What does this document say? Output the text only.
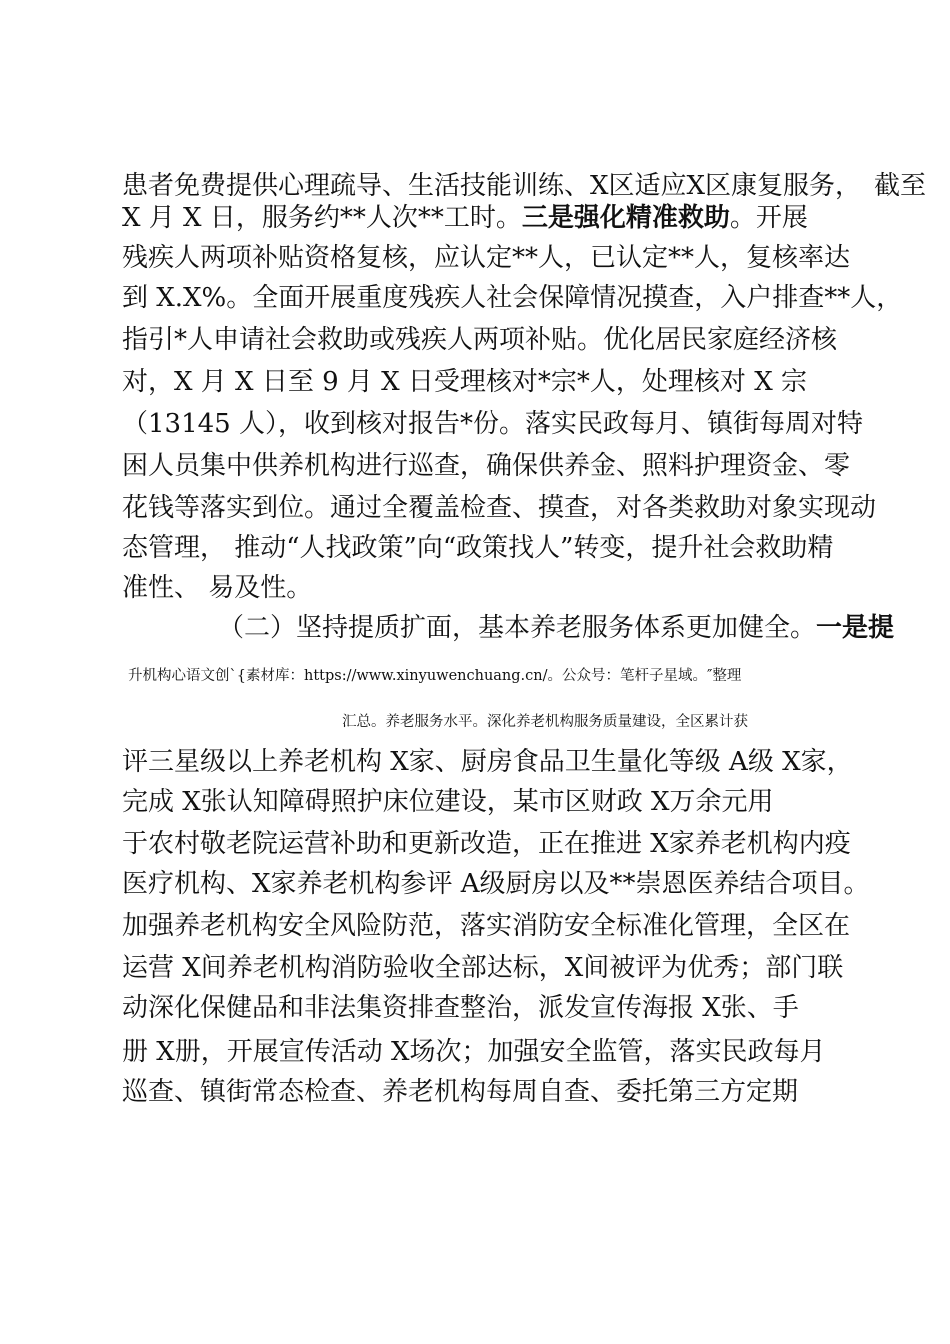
患者免费提供心理疏导、生活技能训练、X区适应X区康复服务，　截至
X 月 X 日，服务约**人次**工时。三是强化精准救助。开展
残疾人两项补贴资格复核，应认定**人，已认定**人，复核率达
到 X.X%。全面开展重度残疾人社会保障情况摸查，入户排查**人，
指引*人申请社会救助或残疾人两项补贴。优化居民家庭经济核
对，X 月 X 日至 9 月 X 日受理核对*宗*人，处理核对 X 宗
（13145 人），收到核对报告*份。落实民政每月、镇街每周对特
困人员集中供养机构进行巡查，确保供养金、照料护理资金、零
花钱等落实到位。通过全覆盖检查、摸查，对各类救助对象实现动
态管理， 推动“人找政策”向“政策找人”转变，提升社会救助精
准性、 易及性。
（二）坚持提质扩面，基本养老服务体系更加健全。一是提
升机构心语文创`{素材库：https://www.xinyuwenchuang.cn/。公众号：笔杆子星域。″整理
汇总。养老服务水平。深化养老机构服务质量建设，全区累计获
评三星级以上养老机构 X家、厨房食品卫生量化等级 A级 X家，
完成 X张认知障碍照护床位建设，某市区财政 X万余元用
于农村敬老院运营补助和更新改造，正在推进 X家养老机构内疫
医疗机构、X家养老机构参评 A级厨房以及**崇恩医养结合项目。
加强养老机构安全风险防范，落实消防安全标准化管理，全区在
运营 X间养老机构消防验收全部达标，X间被评为优秀；部门联
动深化保健品和非法集资排查整治，派发宣传海报 X张、手
册 X册，开展宣传活动 X场次；加强安全监管，落实民政每月
巡查、镇街常态检查、养老机构每周自查、委托第三方定期
